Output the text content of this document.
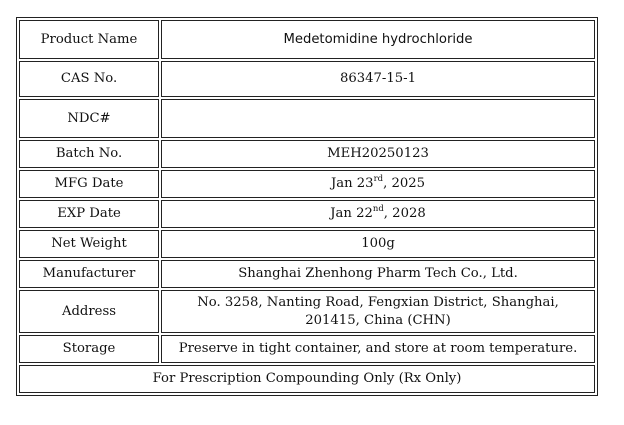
Product Name	Medetomidine hydrochloride
CAS No.	86347-15-1
NDC#	
Batch No.	MEH20250123
MFG Date	Jan 23rd, 2025
EXP Date	Jan 22nd, 2028
Net Weight	100g
Manufacturer	Shanghai Zhenhong Pharm Tech Co., Ltd.
Address	No. 3258, Nanting Road, Fengxian District, Shanghai, 201415, China (CHN)
Storage	Preserve in tight container, and store at room temperature.
For Prescription Compounding Only (Rx Only)	
